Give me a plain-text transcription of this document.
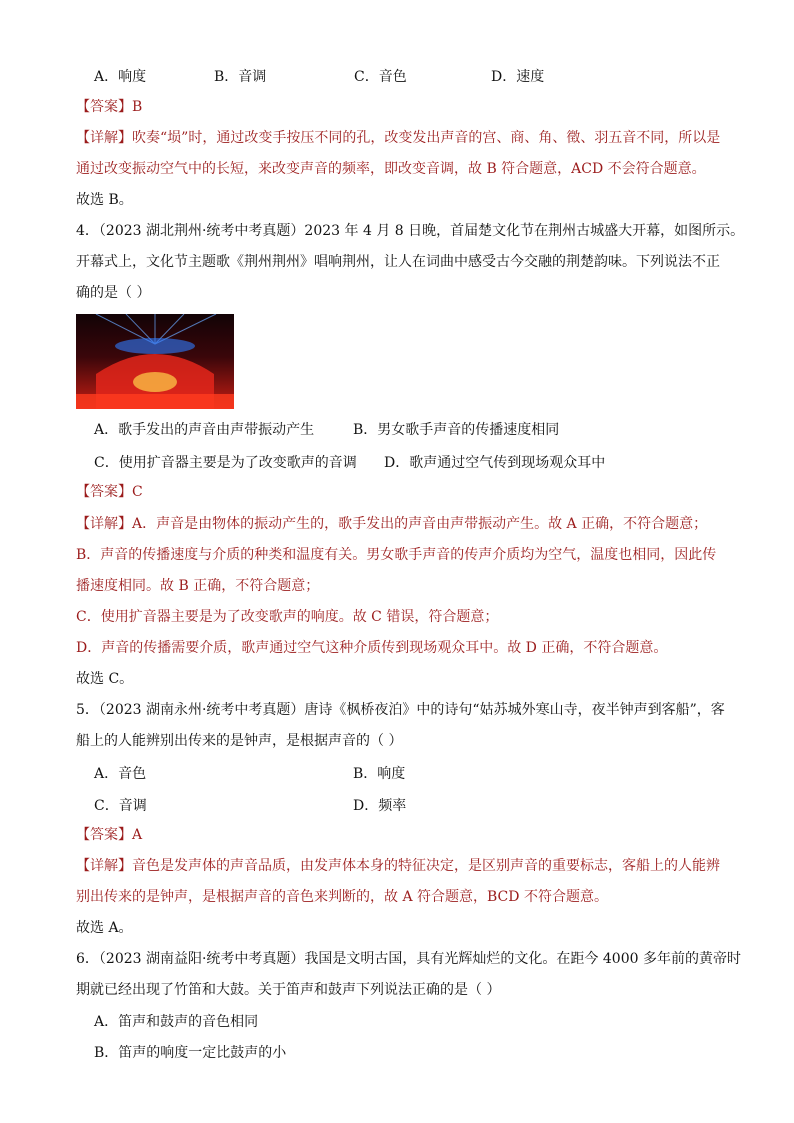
A．响度	B．音调	C．音色	D．速度
【答案】B
【详解】吹奏“埙”时，通过改变手按压不同的孔，改变发出声音的宫、商、角、徵、羽五音不同，所以是
通过改变振动空气中的长短，来改变声音的频率，即改变音调，故 B 符合题意，ACD 不会符合题意。
故选 B。
4．（2023 湖北荆州·统考中考真题）2023 年 4 月 8 日晚，首届楚文化节在荆州古城盛大开幕，如图所示。
开幕式上，文化节主题歌《荆州荆州》唱响荆州，让人在词曲中感受古今交融的荆楚韵味。下列说法不正
确的是（ ）
A．歌手发出的声音由声带振动产生	B．男女歌手声音的传播速度相同
C．使用扩音器主要是为了改变歌声的音调 D．歌声通过空气传到现场观众耳中
【答案】C
【详解】A．声音是由物体的振动产生的，歌手发出的声音由声带振动产生。故 A 正确，不符合题意；
B．声音的传播速度与介质的种类和温度有关。男女歌手声音的传声介质均为空气，温度也相同，因此传
播速度相同。故 B 正确，不符合题意；
C．使用扩音器主要是为了改变歌声的响度。故 C 错误，符合题意；
D．声音的传播需要介质，歌声通过空气这种介质传到现场观众耳中。故 D 正确，不符合题意。
故选 C。
5．（2023 湖南永州·统考中考真题）唐诗《枫桥夜泊》中的诗句“姑苏城外寒山寺，夜半钟声到客船”，客
船上的人能辨别出传来的是钟声，是根据声音的（ ）
A．音色	B．响度
C．音调	D．频率
【答案】A
【详解】音色是发声体的声音品质，由发声体本身的特征决定，是区别声音的重要标志，客船上的人能辨
别出传来的是钟声，是根据声音的音色来判断的，故 A 符合题意，BCD 不符合题意。
故选 A。
6．（2023 湖南益阳·统考中考真题）我国是文明古国，具有光辉灿烂的文化。在距今 4000 多年前的黄帝时
期就已经出现了竹笛和大鼓。关于笛声和鼓声下列说法正确的是（ ）
A．笛声和鼓声的音色相同
B．笛声的响度一定比鼓声的小
